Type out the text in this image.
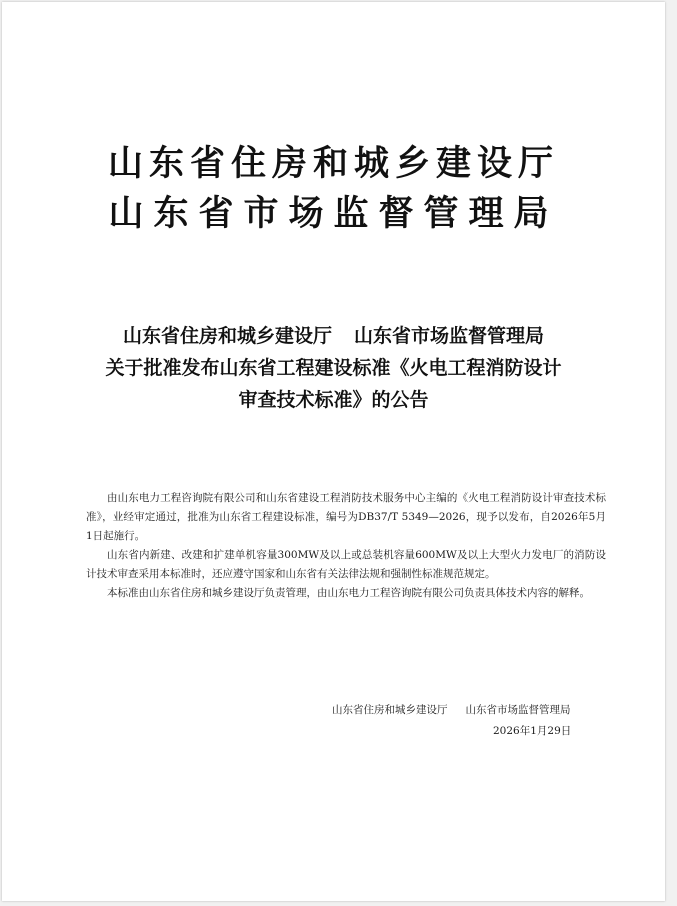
山东省住房和城乡建设厅
山东省市场监督管理局
山东省住房和城乡建设厅 山东省市场监督管理局
关于批准发布山东省工程建设标准《火电工程消防设计
审查技术标准》的公告

由山东电力工程咨询院有限公司和山东省建设工程消防技术服务中心主编的《火电工程消防设计审查技术标准》，业经审定通过，批准为山东省工程建设标准，编号为DB37/T 5349—2026，现予以发布，自2026年5月1日起施行。

山东省内新建、改建和扩建单机容量300MW及以上或总装机容量600MW及以上大型火力发电厂的消防设计技术审查采用本标准时，还应遵守国家和山东省有关法律法规和强制性标准规范规定。

本标准由山东省住房和城乡建设厅负责管理，由山东电力工程咨询院有限公司负责具体技术内容的解释。

山东省住房和城乡建设厅 山东省市场监督管理局
2026年1月29日
